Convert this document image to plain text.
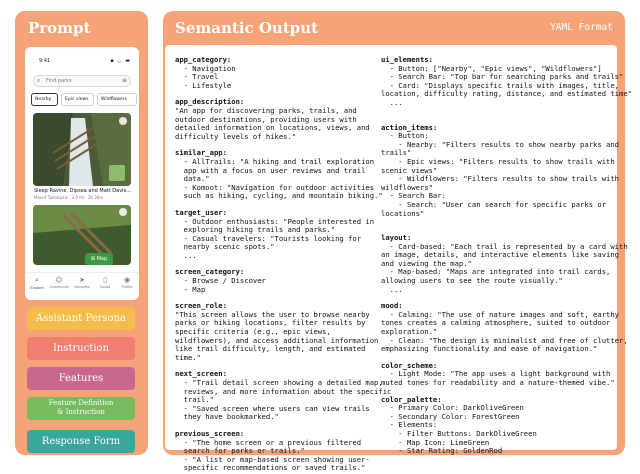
Prompt
9:41	▪ ◡ ▬
⌕ Find parks	≡
Nearby	Epic views	Wildflowers
Sleep Ravine, Dipsea and Matt Davis...
Mount Tamalpais · 3.4 mi · 2h 36m
⊞ Map
⌕
Explore
☺
Community
➤
Navigate
▯
Saved
◉
Profile
Assistant Persona
Instruction
Features
Feature Definition
& Instruction
Response Form
Semantic Output	YAML Format
app_category:
- Navigation
- Travel
- Lifestyle
app_description:
"An app for discovering parks, trails, and
outdoor destinations, providing users with
detailed information on locations, views, and
difficulty levels of hikes."
similar_app:
- AllTrails: "A hiking and trail exploration
app with a focus on user reviews and trail
data."
- Komoot: "Navigation for outdoor activities
such as hiking, cycling, and mountain biking."
target_user:
- Outdoor enthusiasts: "People interested in
exploring hiking trails and parks."
- Casual travelers: "Tourists looking for
nearby scenic spots."
...
screen_category:
- Browse / Discover
- Map
screen_role:
"This screen allows the user to browse nearby
parks or hiking locations, filter results by
specific criteria (e.g., epic views,
wildflowers), and access additional information
like trail difficulty, length, and estimated
time."
next_screen:
- "Trail detail screen showing a detailed map,
reviews, and more information about the specific
trail."
- "Saved screen where users can view trails
they have bookmarked."
previous_screen:
- "The home screen or a previous filtered
search for parks or trails."
- "A list or map-based screen showing user-
specific recommendations or saved trails."
ui_elements:
- Button: ["Nearby", "Epic views", "Wildflowers"]
- Search Bar: "Top bar for searching parks and trails"
- Card: "Displays specific trails with images, title,
location, difficulty rating, distance, and estimated time"
...
action_items:
- Button:
- Nearby: "Filters results to show nearby parks and
trails"
- Epic views: "Filters results to show trails with
scenic views"
- Wildflowers: "Filters results to show trails with
wildflowers"
- Search Bar:
- Search: "User can search for specific parks or
locations"
layout:
- Card-based: "Each trail is represented by a card with
an image, details, and interactive elements like saving
and viewing the map."
- Map-based: "Maps are integrated into trail cards,
allowing users to see the route visually."
...
mood:
- Calming: "The use of nature images and soft, earthy
tones creates a calming atmosphere, suited to outdoor
exploration."
- Clean: "The design is minimalist and free of clutter,
emphasizing functionality and ease of navigation."
color_scheme:
- Light Mode: "The app uses a light background with
muted tones for readability and a nature-themed vibe."
color_palette:
- Primary Color: DarkOliveGreen
- Secondary Color: ForestGreen
- Elements:
- Filter Buttons: DarkOliveGreen
- Map Icon: LimeGreen
- Star Rating: GoldenRod
